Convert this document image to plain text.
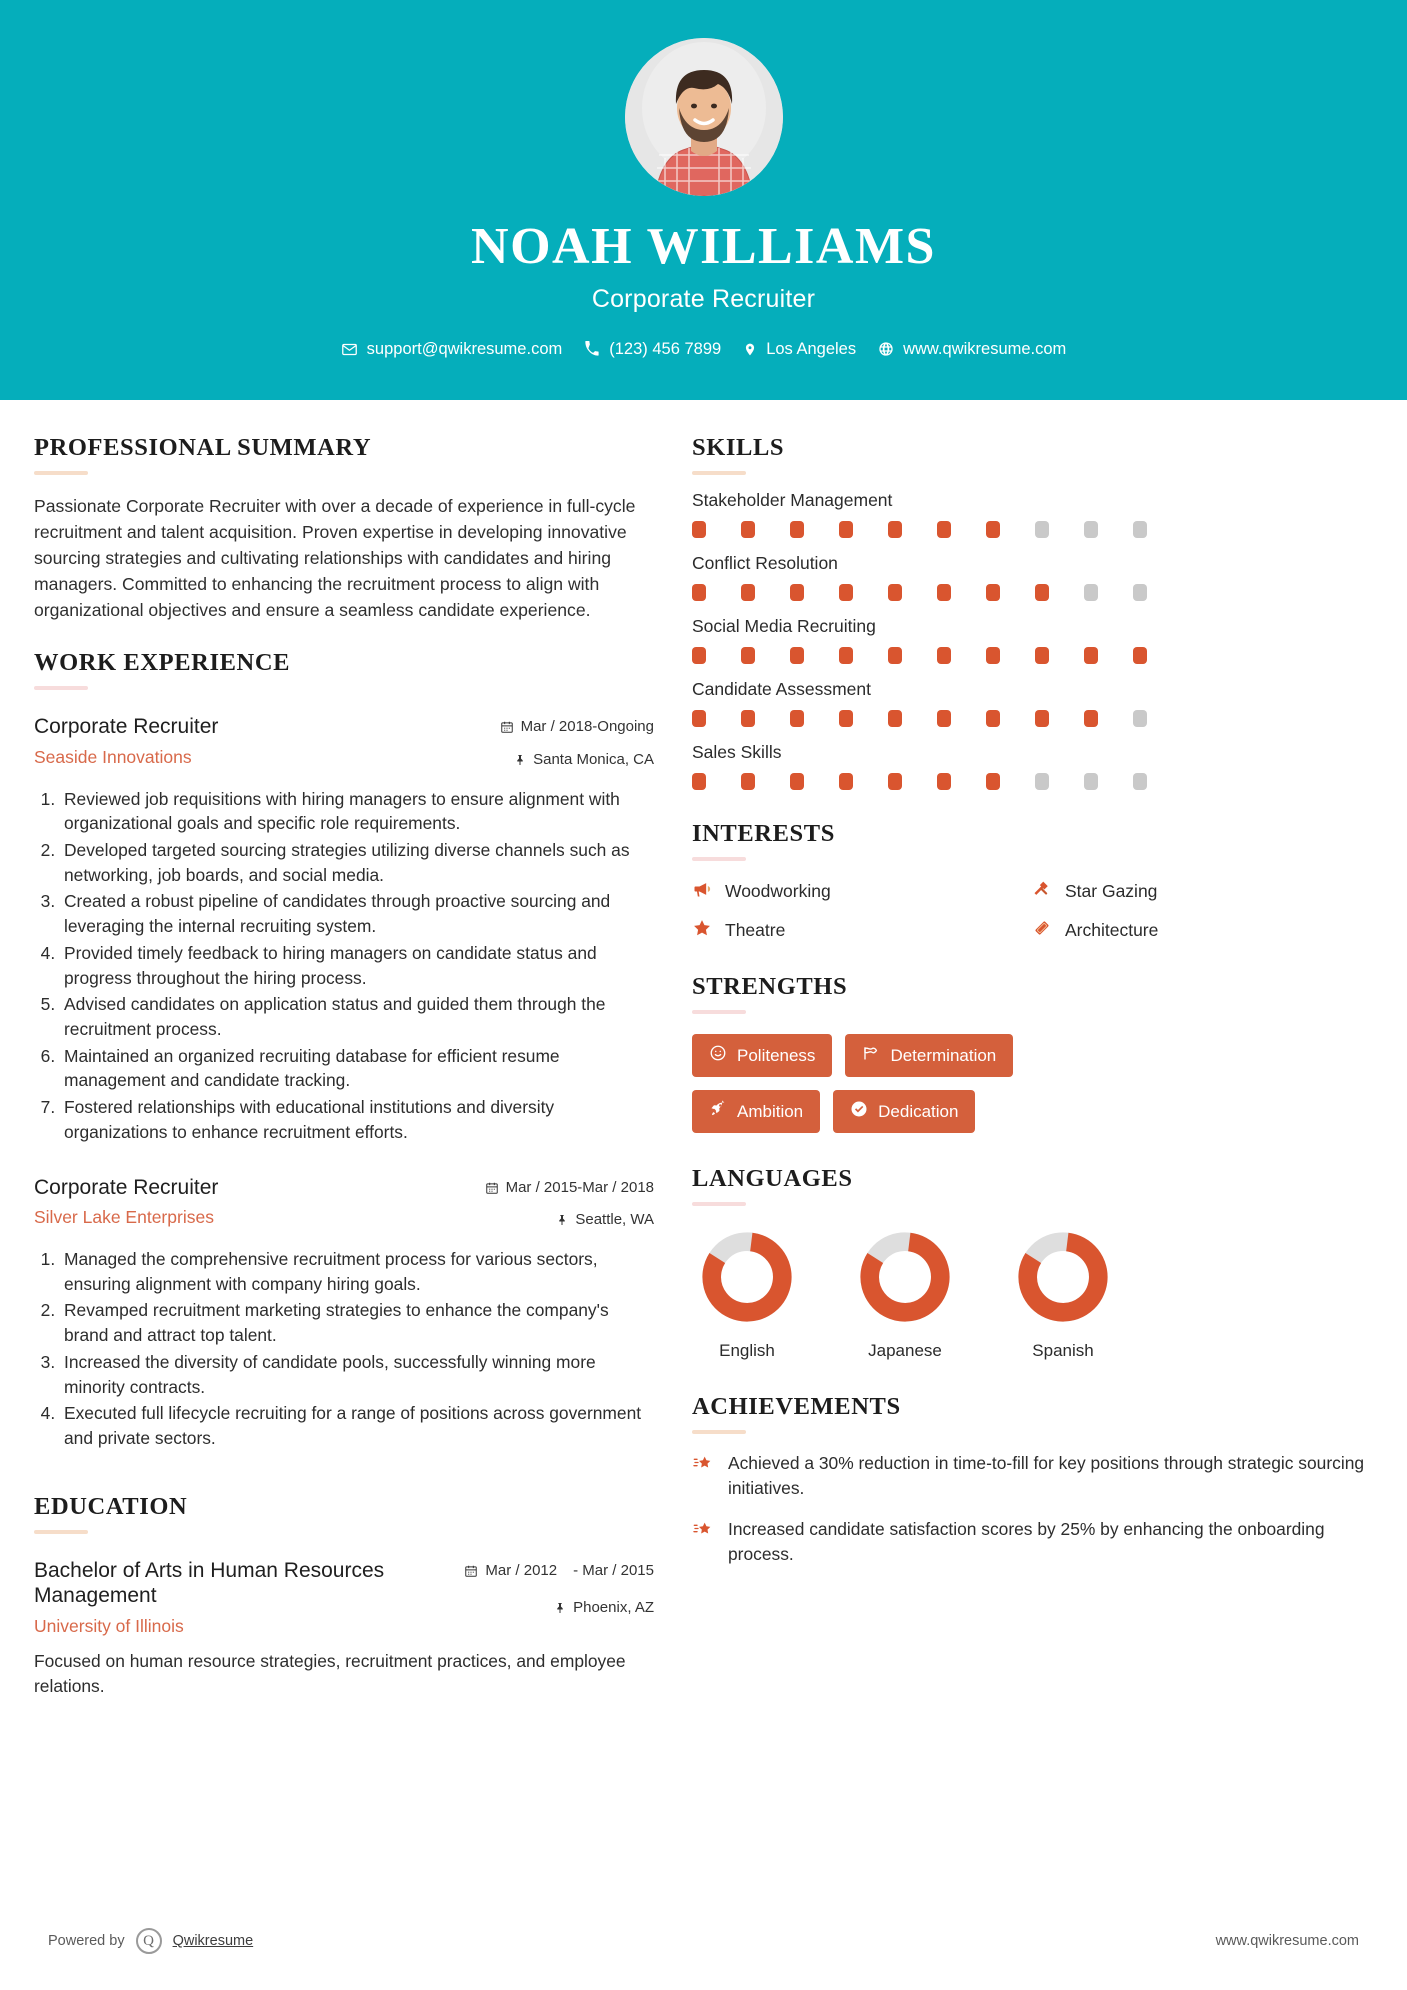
NOAH WILLIAMS
Corporate Recruiter
support@qwikresume.com	(123) 456 7899	Los Angeles	www.qwikresume.com
PROFESSIONAL SUMMARY
Passionate Corporate Recruiter with over a decade of experience in full-cycle recruitment and talent acquisition. Proven expertise in developing innovative sourcing strategies and cultivating relationships with candidates and hiring managers. Committed to enhancing the recruitment process to align with organizational objectives and ensure a seamless candidate experience.
WORK EXPERIENCE
Corporate Recruiter
Seaside Innovations
Mar / 2018-Ongoing
Santa Monica, CA
1. Reviewed job requisitions with hiring managers to ensure alignment with organizational goals and specific role requirements.
2. Developed targeted sourcing strategies utilizing diverse channels such as networking, job boards, and social media.
3. Created a robust pipeline of candidates through proactive sourcing and leveraging the internal recruiting system.
4. Provided timely feedback to hiring managers on candidate status and progress throughout the hiring process.
5. Advised candidates on application status and guided them through the recruitment process.
6. Maintained an organized recruiting database for efficient resume management and candidate tracking.
7. Fostered relationships with educational institutions and diversity organizations to enhance recruitment efforts.
Corporate Recruiter
Silver Lake Enterprises
Mar / 2015-Mar / 2018
Seattle, WA
1. Managed the comprehensive recruitment process for various sectors, ensuring alignment with company hiring goals.
2. Revamped recruitment marketing strategies to enhance the company's brand and attract top talent.
3. Increased the diversity of candidate pools, successfully winning more minority contracts.
4. Executed full lifecycle recruiting for a range of positions across government and private sectors.
EDUCATION
Bachelor of Arts in Human Resources Management
University of Illinois
Mar / 2012 - Mar / 2015
Phoenix, AZ
Focused on human resource strategies, recruitment practices, and employee relations.
SKILLS
Stakeholder Management
Conflict Resolution
Social Media Recruiting
Candidate Assessment
Sales Skills
INTERESTS
Woodworking	Star Gazing
Theatre	Architecture
STRENGTHS
Politeness	Determination
Ambition	Dedication
LANGUAGES
English	Japanese	Spanish
ACHIEVEMENTS
Achieved a 30% reduction in time-to-fill for key positions through strategic sourcing initiatives.
Increased candidate satisfaction scores by 25% by enhancing the onboarding process.
Powered by	Q	Qwikresume	www.qwikresume.com
